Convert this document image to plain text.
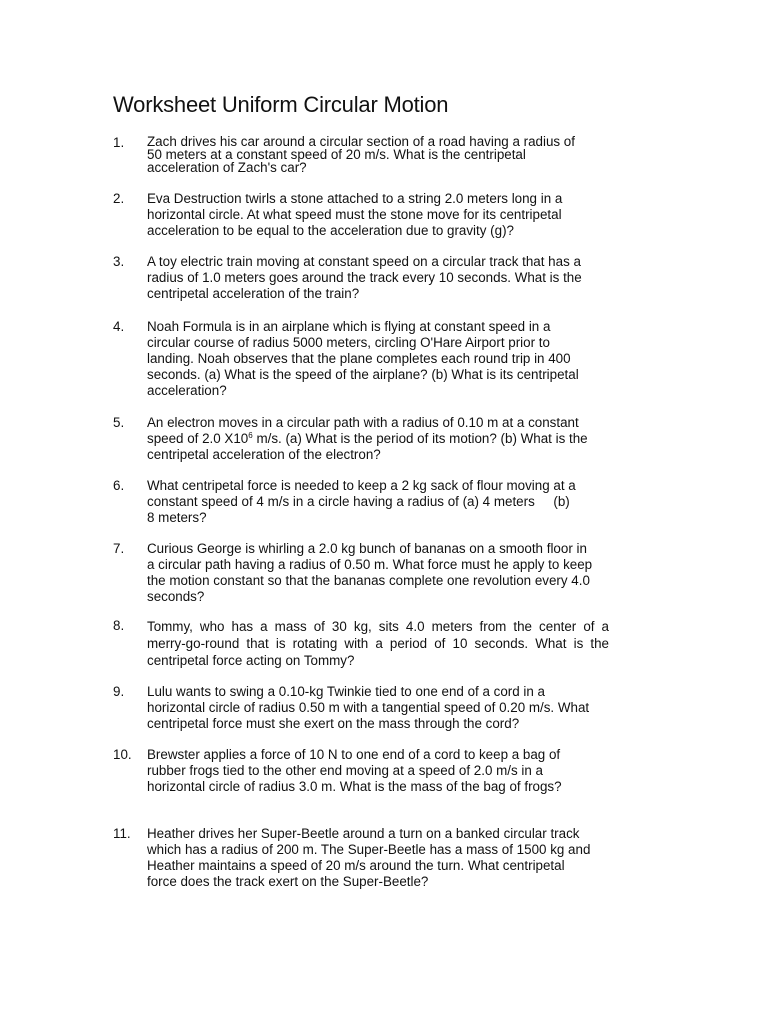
Worksheet Uniform Circular Motion
1.	Zach drives his car around a circular section of a road having a radius of
50 meters at a constant speed of 20 m/s. What is the centripetal
acceleration of Zach's car?
2.	Eva Destruction twirls a stone attached to a string 2.0 meters long in a
horizontal circle. At what speed must the stone move for its centripetal
acceleration to be equal to the acceleration due to gravity (g)?
3.	A toy electric train moving at constant speed on a circular track that has a
radius of 1.0 meters goes around the track every 10 seconds. What is the
centripetal acceleration of the train?
4.	Noah Formula is in an airplane which is flying at constant speed in a
circular course of radius 5000 meters, circling O'Hare Airport prior to
landing. Noah observes that the plane completes each round trip in 400
seconds. (a) What is the speed of the airplane? (b) What is its centripetal
acceleration?
5.	An electron moves in a circular path with a radius of 0.10 m at a constant
speed of 2.0 $X10^6$ m/s. (a) What is the period of its motion? (b) What is the
centripetal acceleration of the electron?
6.	What centripetal force is needed to keep a 2 kg sack of flour moving at a
constant speed of 4 m/s in a circle having a radius of (a) 4 meters     (b)
8 meters?
7.	Curious George is whirling a 2.0 kg bunch of bananas on a smooth floor in
a circular path having a radius of 0.50 m. What force must he apply to keep
the motion constant so that the bananas complete one revolution every 4.0
seconds?
8.	Tommy, who has a mass of 30 kg, sits 4.0 meters from the center of a
merry-go-round that is rotating with a period of 10 seconds. What is the
centripetal force acting on Tommy?
9.	Lulu wants to swing a 0.10-kg Twinkie tied to one end of a cord in a
horizontal circle of radius 0.50 m with a tangential speed of 0.20 m/s. What
centripetal force must she exert on the mass through the cord?
10.	Brewster applies a force of 10 N to one end of a cord to keep a bag of
rubber frogs tied to the other end moving at a speed of 2.0 m/s in a
horizontal circle of radius 3.0 m. What is the mass of the bag of frogs?
11.	Heather drives her Super-Beetle around a turn on a banked circular track
which has a radius of 200 m. The Super-Beetle has a mass of 1500 kg and
Heather maintains a speed of 20 m/s around the turn. What centripetal
force does the track exert on the Super-Beetle?
